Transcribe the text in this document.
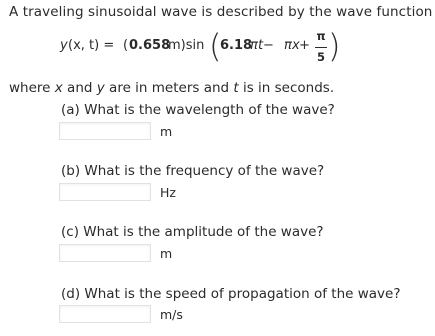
A traveling sinusoidal wave is described by the wave function
y (x, t) = ( 0.658
m)sin (
6.18
π t − π x +
π
5 )
where x and y are in meters and t is in seconds.
(a) What is the wavelength of the wave?
m
(b) What is the frequency of the wave?
Hz
(c) What is the amplitude of the wave?
m
(d) What is the speed of propagation of the wave?
m/s
